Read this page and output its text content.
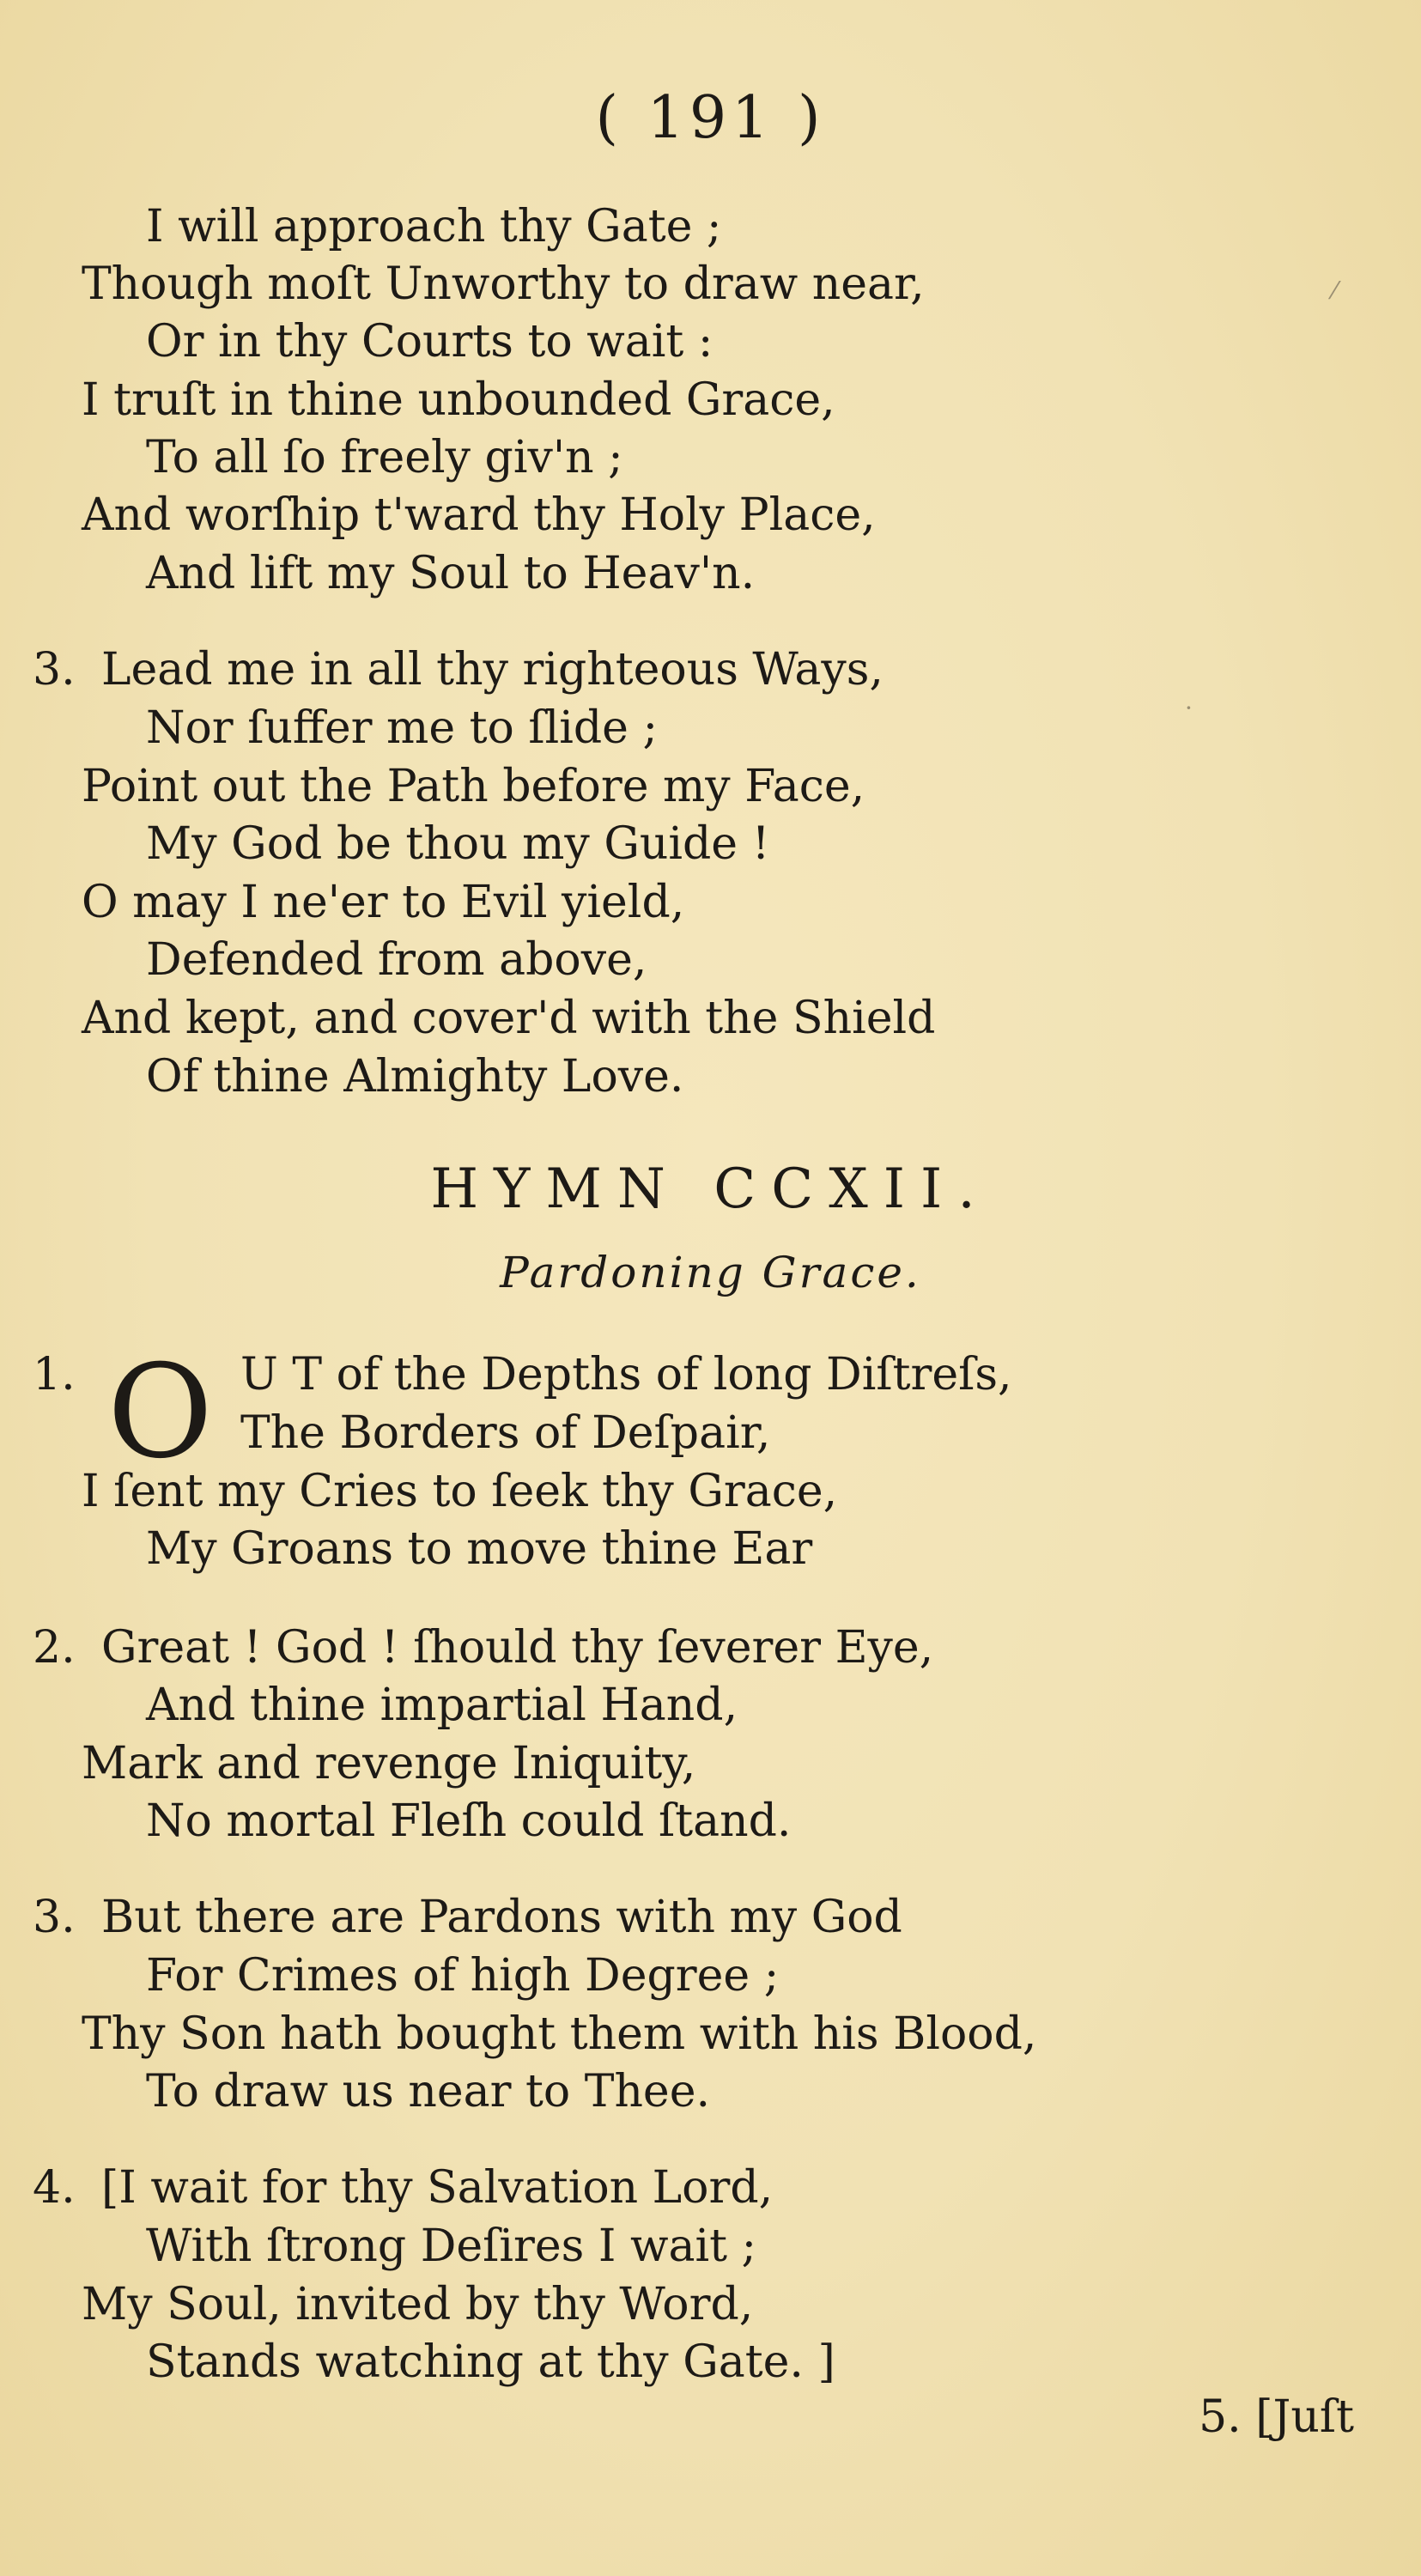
( 191 )
I will approach thy Gate ;
Though moſt Unworthy to draw near,
Or in thy Courts to wait :
I truſt in thine unbounded Grace,
To all ſo freely giv'n ;
And worſhip t'ward thy Holy Place,
And lift my Soul to Heav'n.
3. Lead me in all thy righteous Ways,
Nor ſuffer me to ſlide ;
Point out the Path before my Face,
My God be thou my Guide !
O may I ne'er to Evil yield,
Defended from above,
And kept, and cover'd with the Shield
Of thine Almighty Love.
HYMN CCXII.
Pardoning Grace.
1. O U T of the Depths of long Diſtreſs,
The Borders of Deſpair,
I ſent my Cries to ſeek thy Grace,
My Groans to move thine Ear
2. Great ! God ! ſhould thy ſeverer Eye,
And thine impartial Hand,
Mark and revenge Iniquity,
No mortal Fleſh could ſtand.
3. But there are Pardons with my God
For Crimes of high Degree ;
Thy Son hath bought them with his Blood,
To draw us near to Thee.
4. [I wait for thy Salvation Lord,
With ſtrong Deſires I wait ;
My Soul, invited by thy Word,
Stands watching at thy Gate. ]
5. [Juſt
⁄
·
